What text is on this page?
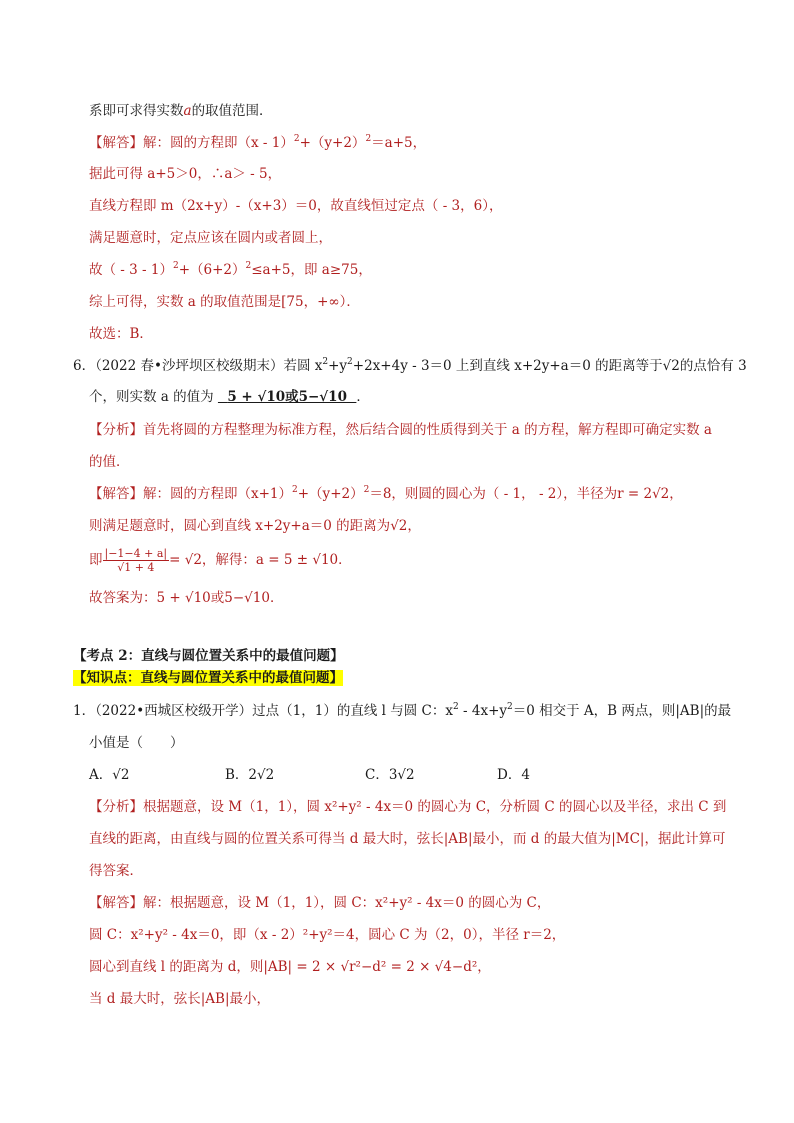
系即可求得实数a的取值范围．
【解答】解：圆的方程即$(x - 1)^2+(y+2)^2=a+5$，
据此可得 a+5＞0，∴a＞ - 5，
直线方程即 m（2x+y）-（x+3）＝0，故直线恒过定点（ - 3，6），
满足题意时，定点应该在圆内或者圆上，
故（ - $3 - 1)^2+(6+2)^2\le a+5$，即 a≥75，
综上可得，实数 a 的取值范围是[75，+∞）．
故选：B．
6．（2022 春•沙坪坝区校级期末）若圆 $x^2+y^2+2x+4y - 3=0$ 上到直线 x+2y+a＝0 的距离等于√2的点恰有 3
个，则实数 a 的值为 5 + √10或5−√10 ．
【分析】首先将圆的方程整理为标准方程，然后结合圆的性质得到关于 a 的方程，解方程即可确定实数 a
的值．
【解答】解：圆的方程即$(x+1)^2+(y+2)^2=8$，则圆的圆心为（ - 1， - 2），半径为r = 2√2，
则满足题意时，圆心到直线 x+2y+a＝0 的距离为√2，
即 $\frac{|-1-4 + a|}{√1 + 4} = √2$，解得：a = 5 ± √10．
故答案为：5 + √10或5−√10．
【考点 2：直线与圆位置关系中的最值问题】
【知识点：直线与圆位置关系中的最值问题】
1．（2022•西城区校级开学）过点（1，1）的直线 l 与圆 C：$x^2 - 4x+y^2=0$ 相交于 A，B 两点，则|AB|的最
小值是（　　）
A．√2	B．2√2	C．3√2	D．4
【分析】根据题意，设 M（1，1），圆 x²+y² - 4x＝0 的圆心为 C，分析圆 C 的圆心以及半径，求出 C 到
直线的距离，由直线与圆的位置关系可得当 d 最大时，弦长|AB|最小，而 d 的最大值为|MC|，据此计算可
得答案．
【解答】解：根据题意，设 M（1，1），圆 C：x²+y² - 4x＝0 的圆心为 C，
圆 C：x²+y² - 4x＝0，即（x - 2）²+y²＝4，圆心 C 为（2，0），半径 r＝2，
圆心到直线 l 的距离为 d，则|AB| = 2 × √r²−d² = 2 × √4−d²，
当 d 最大时，弦长|AB|最小，
